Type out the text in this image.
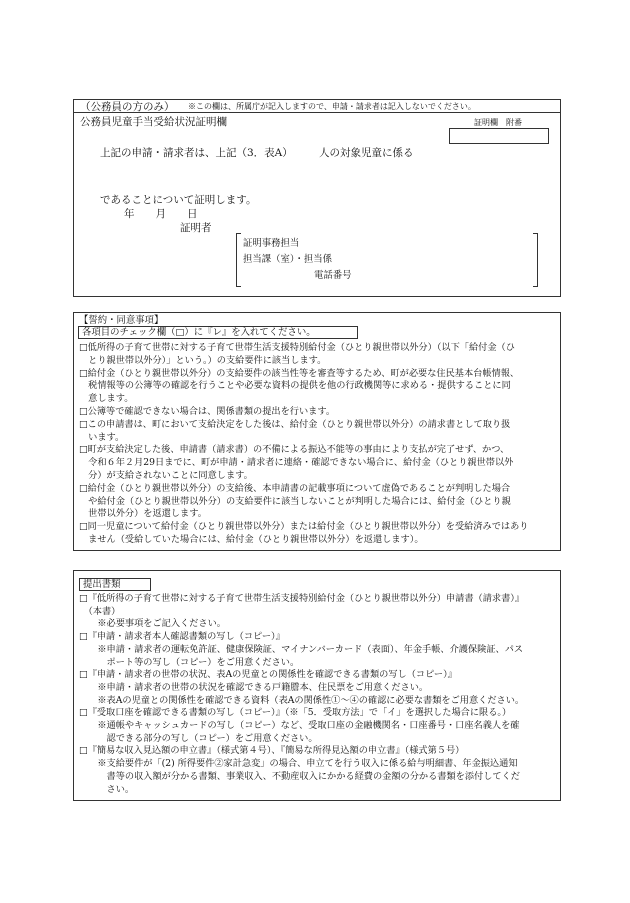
（公務員の方のみ） ※この欄は、所属庁が記入しますので、申請・請求者は記入しないでください。
公務員児童手当受給状況証明欄	証明欄　附番
上記の申請・請求者は、上記（3．表A）　　　人の対象児童に係る
であることについて証明します。
年　　月　　日
証明者
証明事務担当
担当課（室）・担当係
電話番号
【誓約・同意事項】
各項目のチェック欄（□）に『レ』を入れてください。
□低所得の子育て世帯に対する子育て世帯生活支援特別給付金（ひとり親世帯以外分）（以下「給付金（ひ
　とり親世帯以外分）」という。）の支給要件に該当します。
□給付金（ひとり親世帯以外分）の支給要件の該当性等を審査等するため、町が必要な住民基本台帳情報、
　税情報等の公簿等の確認を行うことや必要な資料の提供を他の行政機関等に求める・提供することに同
　意します。
□公簿等で確認できない場合は、関係書類の提出を行います。
□この申請書は、町において支給決定をした後は、給付金（ひとり親世帯以外分）の請求書として取り扱
　います。
□町が支給決定した後、申請書（請求書）の不備による振込不能等の事由により支払が完了せず、かつ、
　令和６年２月29日までに、町が申請・請求者に連絡・確認できない場合に、給付金（ひとり親世帯以外
　分）が支給されないことに同意します。
□給付金（ひとり親世帯以外分）の支給後、本申請書の記載事項について虚偽であることが判明した場合
　や給付金（ひとり親世帯以外分）の支給要件に該当しないことが判明した場合には、給付金（ひとり親
　世帯以外分）を返還します。
□同一児童について給付金（ひとり親世帯以外分）または給付金（ひとり親世帯以外分）を受給済みではあり
　ません（受給していた場合には、給付金（ひとり親世帯以外分）を返還します）。
提出書類
□『低所得の子育て世帯に対する子育て世帯生活支援特別給付金（ひとり親世帯以外分）申請書（請求書）』
　（本書）
　　※必要事項をご記入ください。
□『申請・請求者本人確認書類の写し（コピー）』
　　※申請・請求者の運転免許証、健康保険証、マイナンバーカード（表面）、年金手帳、介護保険証、パス
　　　ポート等の写し（コピー）をご用意ください。
□『申請・請求者の世帯の状況、表Aの児童との関係性を確認できる書類の写し（コピー）』
　　※申請・請求者の世帯の状況を確認できる戸籍謄本、住民票をご用意ください。
　　※表Aの児童との関係性を確認できる資料（表Aの関係性①～④の確認に必要な書類をご用意ください。
□『受取口座を確認できる書類の写し（コピー）』（※「5．受取方法」で「イ」を選択した場合に限る。）
　　※通帳やキャッシュカードの写し（コピー）など、受取口座の金融機関名・口座番号・口座名義人を確
　　　認できる部分の写し（コピー）をご用意ください。
□『簡易な収入見込額の申立書』（様式第４号）、『簡易な所得見込額の申立書』（様式第５号）
　　※支給要件が「(2) 所得要件②家計急変」の場合、申立てを行う収入に係る給与明細書、年金振込通知
　　　書等の収入額が分かる書類、事業収入、不動産収入にかかる経費の金額の分かる書類を添付してくだ
　　　さい。
